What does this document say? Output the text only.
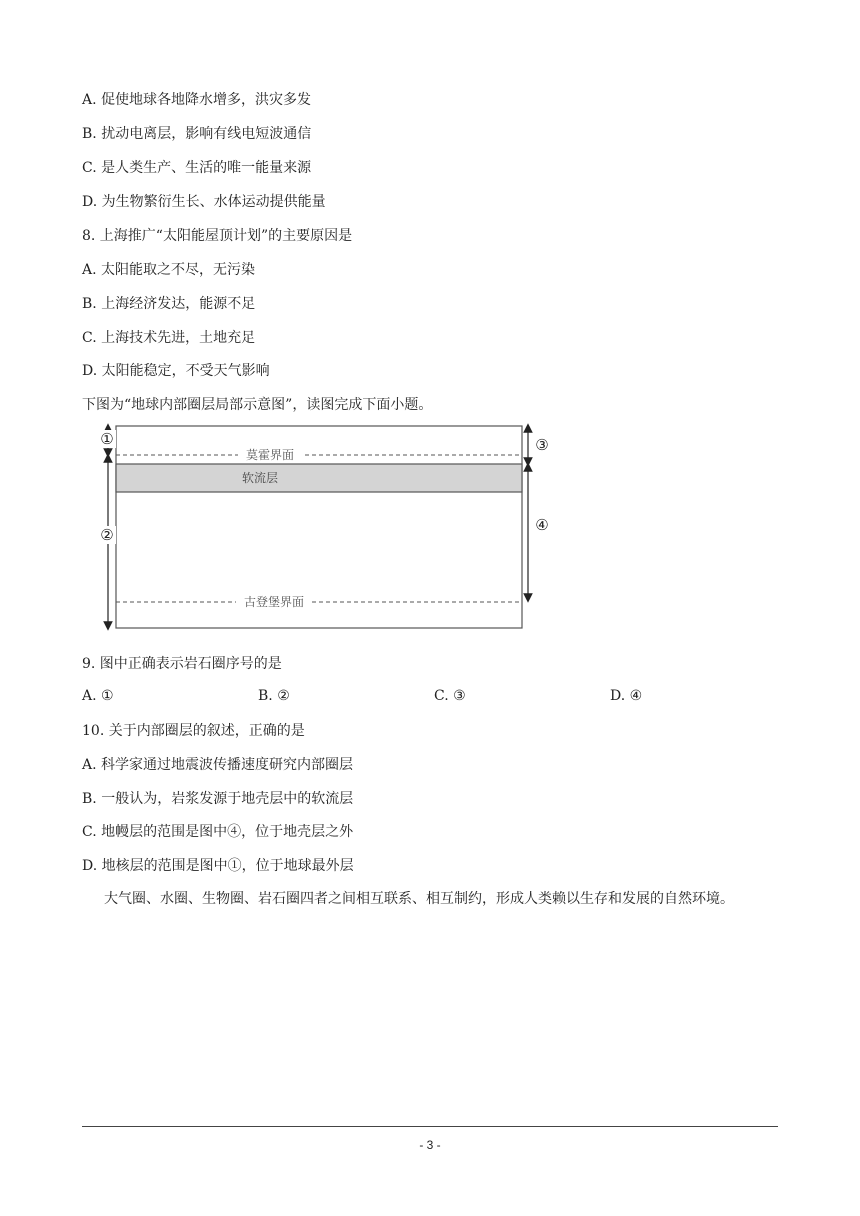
A. 促使地球各地降水增多，洪灾多发
B. 扰动电离层，影响有线电短波通信
C. 是人类生产、生活的唯一能量来源
D. 为生物繁衍生长、水体运动提供能量
8. 上海推广“太阳能屋顶计划”的主要原因是
A. 太阳能取之不尽，无污染
B. 上海经济发达，能源不足
C. 上海技术先进，土地充足
D. 太阳能稳定，不受天气影响
下图为“地球内部圈层局部示意图”，读图完成下面小题。
莫霍界面
软流层
古登堡界面
①
②
③
④
9. 图中正确表示岩石圈序号的是
A. ①	B. ②	C. ③	D. ④
10. 关于内部圈层的叙述，正确的是
A. 科学家通过地震波传播速度研究内部圈层
B. 一般认为，岩浆发源于地壳层中的软流层
C. 地幔层的范围是图中④，位于地壳层之外
D. 地核层的范围是图中①，位于地球最外层
大气圈、水圈、生物圈、岩石圈四者之间相互联系、相互制约，形成人类赖以生存和发展的自然环境。
- 3 -
